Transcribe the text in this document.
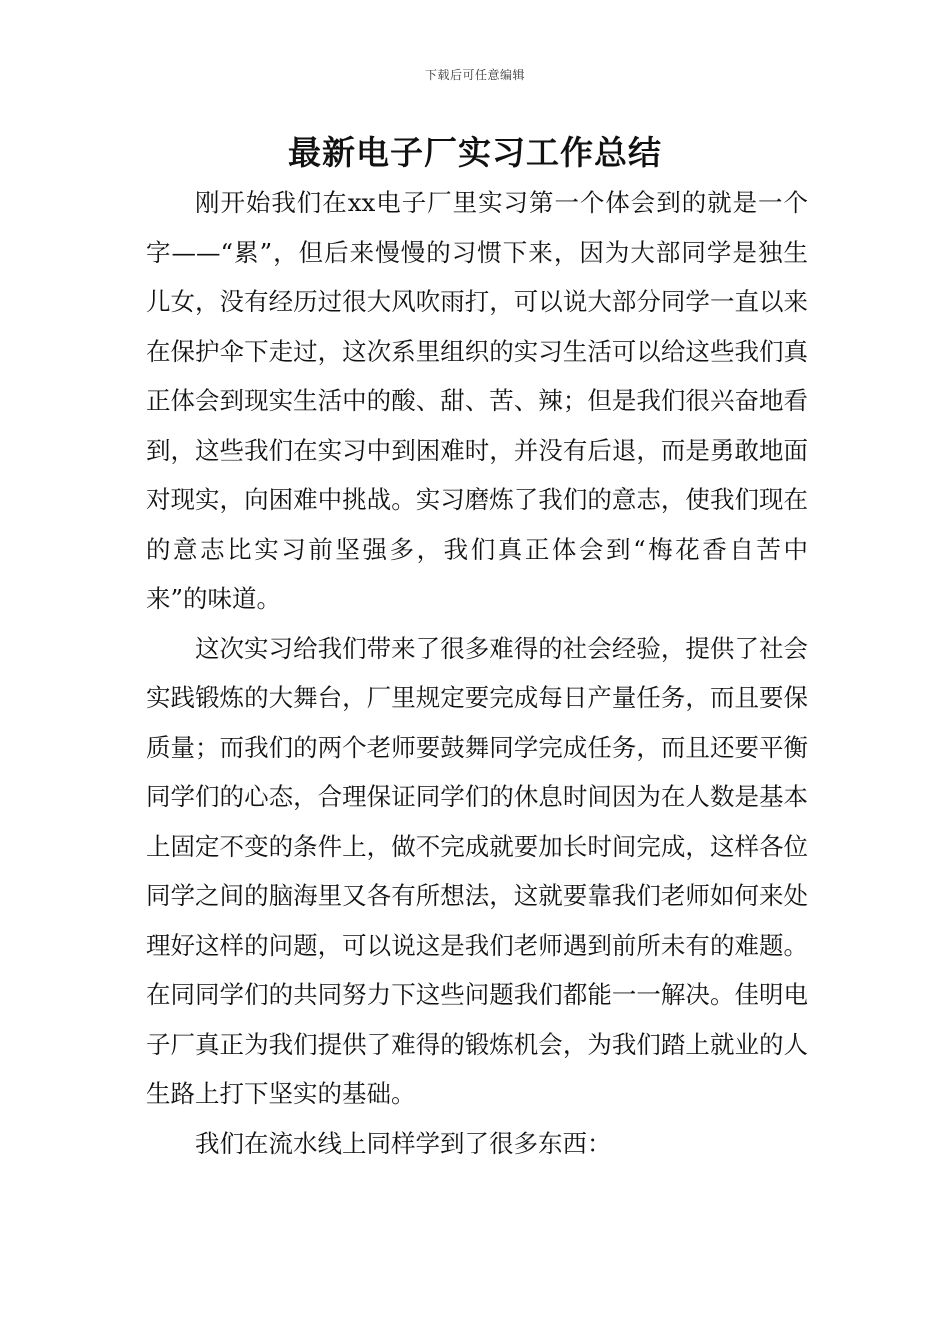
下载后可任意编辑
最新电子厂实习工作总结

刚开始我们在xx电子厂里实习第一个体会到的就是一个字——“累”，但后来慢慢的习惯下来，因为大部同学是独生儿女，没有经历过很大风吹雨打，可以说大部分同学一直以来在保护伞下走过，这次系里组织的实习生活可以给这些我们真正体会到现实生活中的酸、甜、苦、辣；但是我们很兴奋地看到，这些我们在实习中到困难时，并没有后退，而是勇敢地面对现实，向困难中挑战。实习磨炼了我们的意志，使我们现在的意志比实习前坚强多，我们真正体会到“梅花香自苦中来”的味道。

这次实习给我们带来了很多难得的社会经验，提供了社会实践锻炼的大舞台，厂里规定要完成每日产量任务，而且要保质量；而我们的两个老师要鼓舞同学完成任务，而且还要平衡同学们的心态，合理保证同学们的休息时间因为在人数是基本上固定不变的条件上，做不完成就要加长时间完成，这样各位同学之间的脑海里又各有所想法，这就要靠我们老师如何来处理好这样的问题，可以说这是我们老师遇到前所未有的难题。在同同学们的共同努力下这些问题我们都能一一解决。佳明电子厂真正为我们提供了难得的锻炼机会，为我们踏上就业的人生路上打下坚实的基础。

我们在流水线上同样学到了很多东西：
